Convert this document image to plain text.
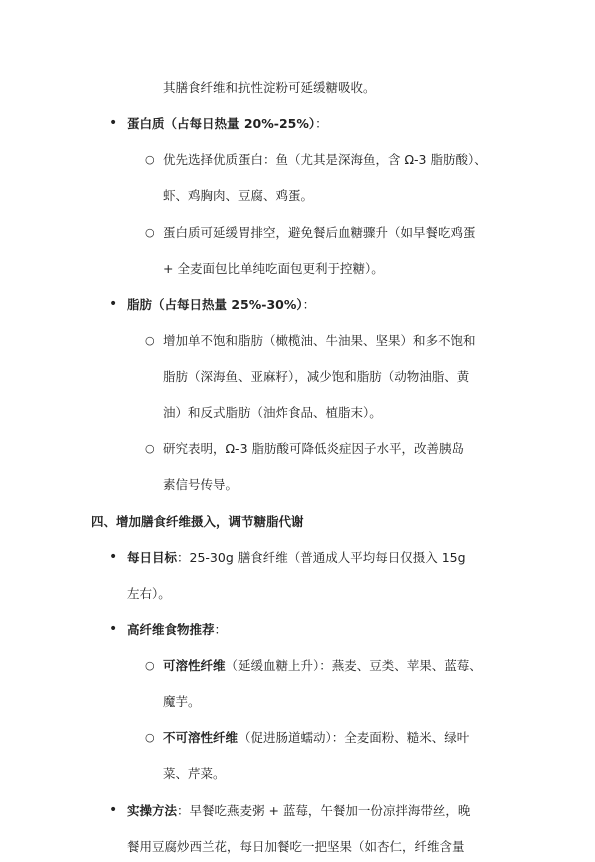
其膳食纤维和抗性淀粉可延缓糖吸收。
• 蛋白质（占每日热量 20%-25%）：
○ 优先选择优质蛋白：鱼（尤其是深海鱼，含 Ω-3 脂肪酸）、
虾、鸡胸肉、豆腐、鸡蛋。
○ 蛋白质可延缓胃排空，避免餐后血糖骤升（如早餐吃鸡蛋
+ 全麦面包比单纯吃面包更利于控糖）。
• 脂肪（占每日热量 25%-30%）：
○ 增加单不饱和脂肪（橄榄油、牛油果、坚果）和多不饱和
脂肪（深海鱼、亚麻籽），减少饱和脂肪（动物油脂、黄
油）和反式脂肪（油炸食品、植脂末）。
○ 研究表明，Ω-3 脂肪酸可降低炎症因子水平，改善胰岛
素信号传导。
四、增加膳食纤维摄入，调节糖脂代谢
• 每日目标：25-30g 膳食纤维（普通成人平均每日仅摄入 15g
左右）。
• 高纤维食物推荐：
○ 可溶性纤维（延缓血糖上升）：燕麦、豆类、苹果、蓝莓、
魔芋。
○ 不可溶性纤维（促进肠道蠕动）：全麦面粉、糙米、绿叶
菜、芹菜。
• 实操方法：早餐吃燕麦粥 + 蓝莓，午餐加一份凉拌海带丝，晚
餐用豆腐炒西兰花，每日加餐吃一把坚果（如杏仁，纤维含量
